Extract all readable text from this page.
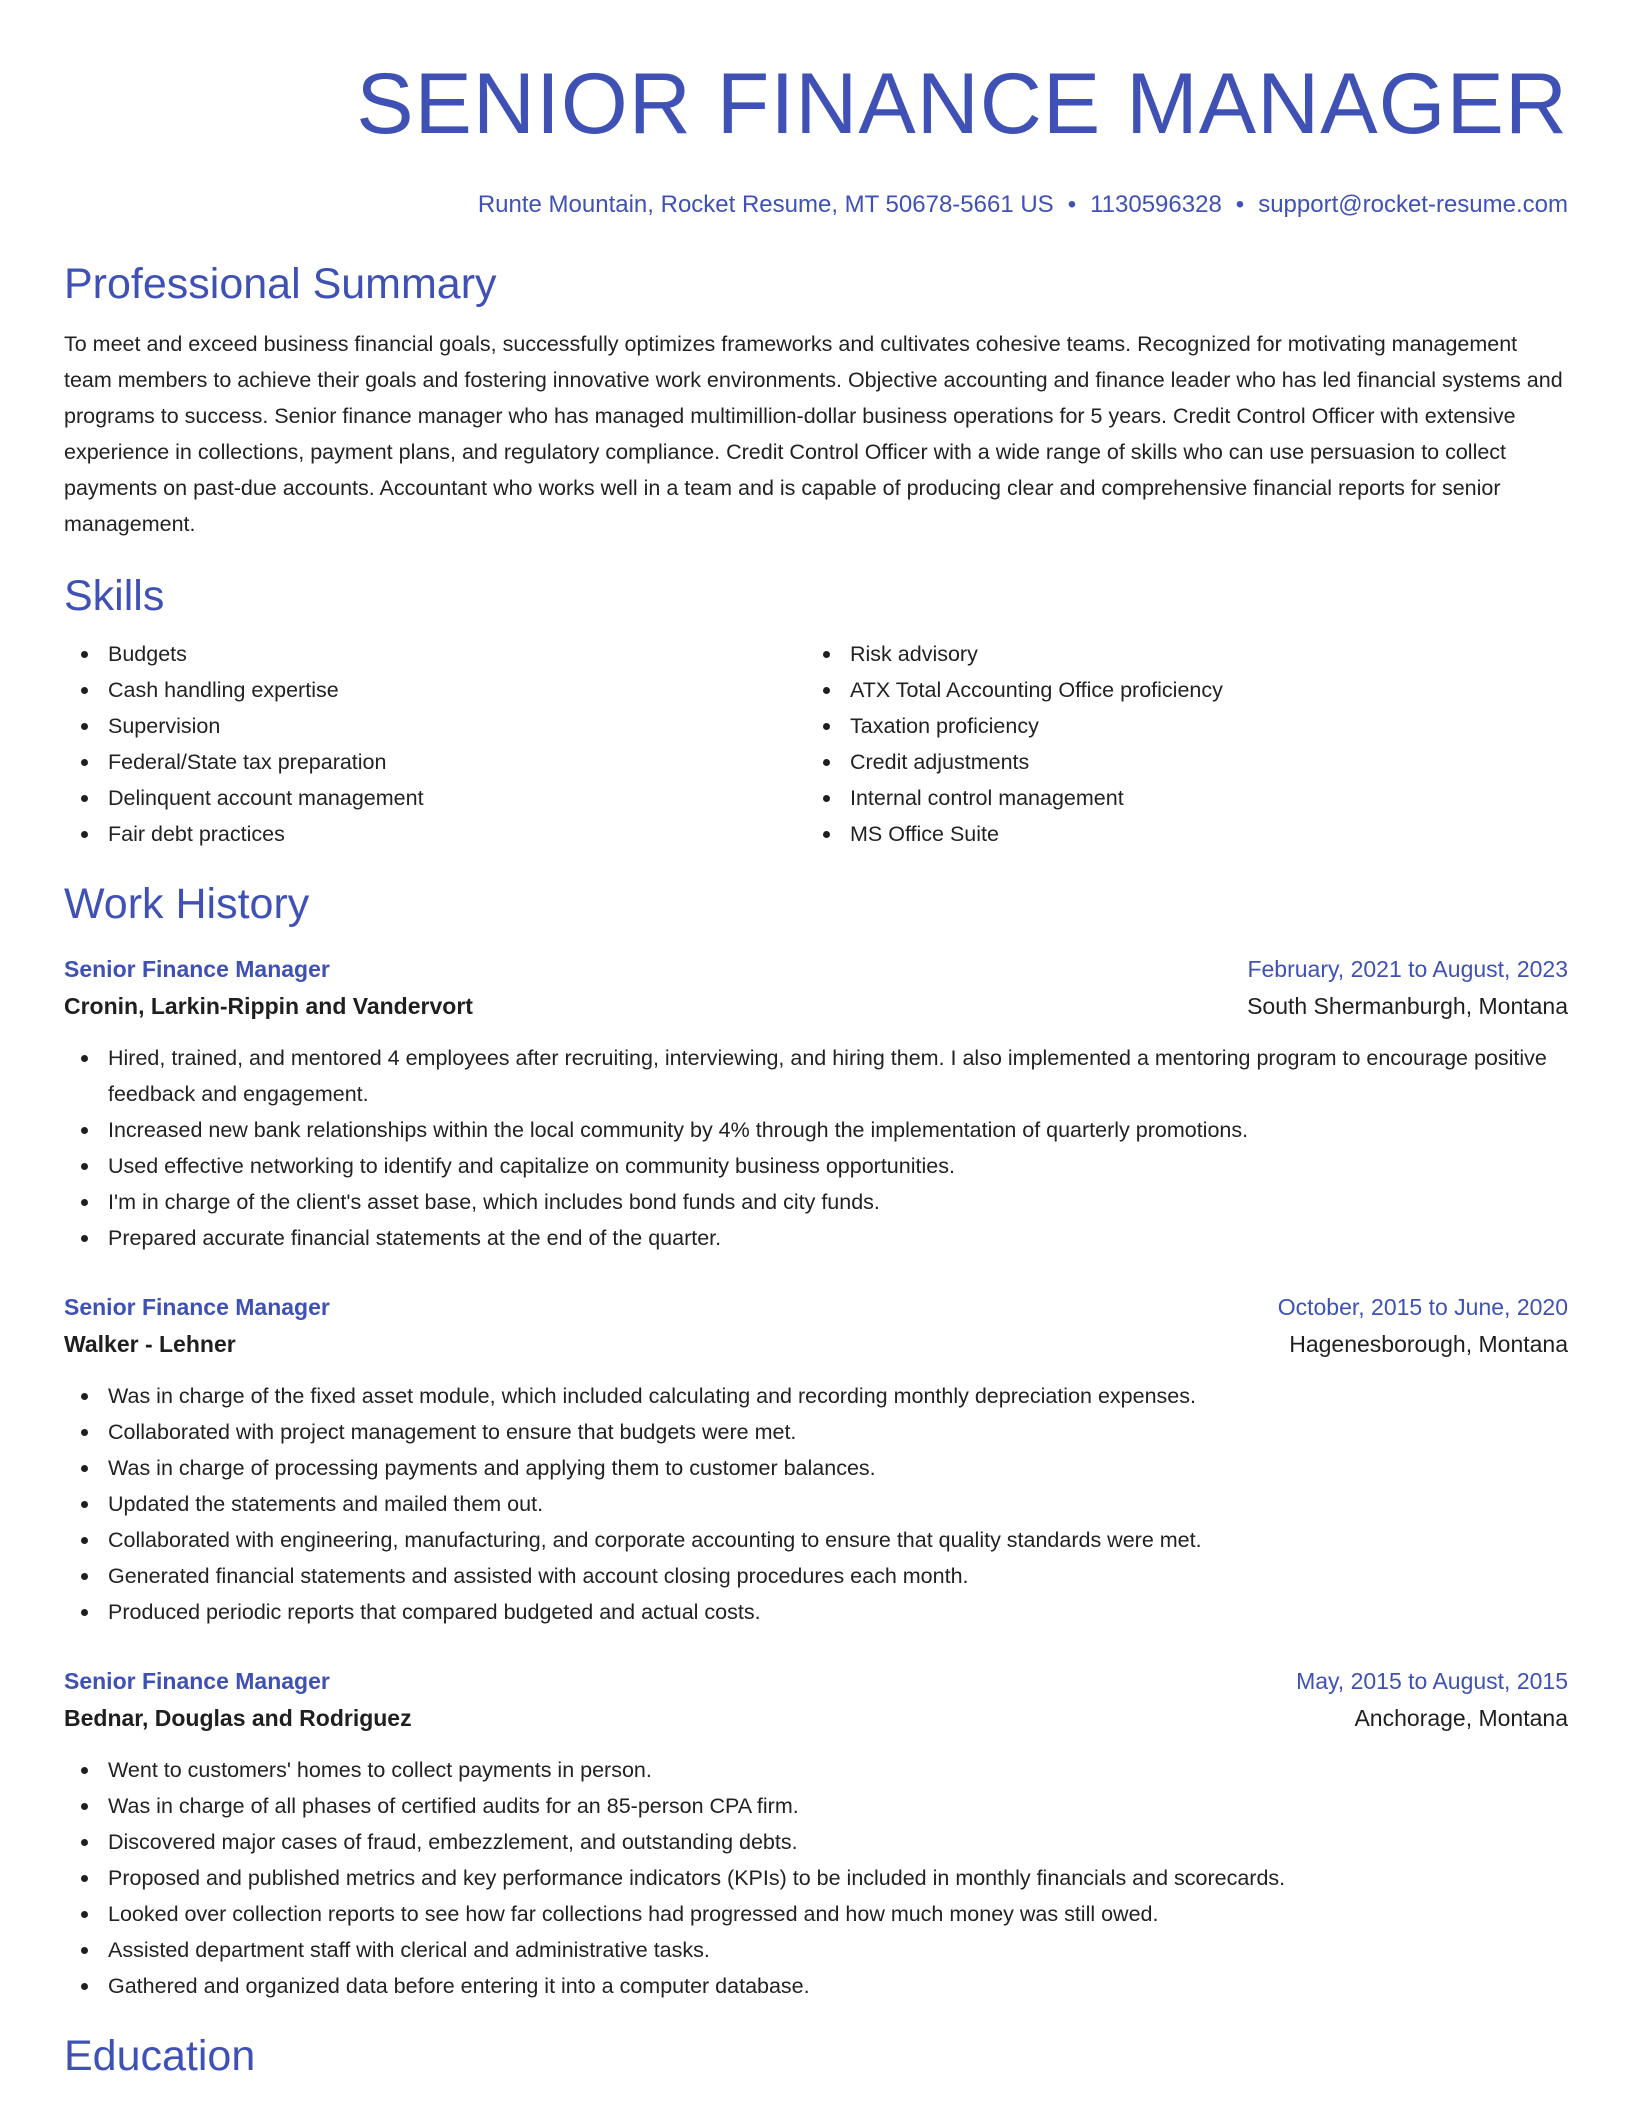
SENIOR FINANCE MANAGER
Runte Mountain, Rocket Resume, MT 50678-5661 US • 1130596328 • support@rocket-resume.com
Professional Summary

To meet and exceed business financial goals, successfully optimizes frameworks and cultivates cohesive teams. Recognized for motivating management team members to achieve their goals and fostering innovative work environments. Objective accounting and finance leader who has led financial systems and programs to success. Senior finance manager who has managed multimillion-dollar business operations for 5 years. Credit Control Officer with extensive experience in collections, payment plans, and regulatory compliance. Credit Control Officer with a wide range of skills who can use persuasion to collect payments on past-due accounts. Accountant who works well in a team and is capable of producing clear and comprehensive financial reports for senior management.

Skills
Budgets
Cash handling expertise
Supervision
Federal/State tax preparation
Delinquent account management
Fair debt practices
Risk advisory
ATX Total Accounting Office proficiency
Taxation proficiency
Credit adjustments
Internal control management
MS Office Suite
Work History
Senior Finance Manager	February, 2021 to August, 2023
Cronin, Larkin-Rippin and Vandervort	South Shermanburgh, Montana
Hired, trained, and mentored 4 employees after recruiting, interviewing, and hiring them. I also implemented a mentoring program to encourage positive feedback and engagement.
Increased new bank relationships within the local community by 4% through the implementation of quarterly promotions.
Used effective networking to identify and capitalize on community business opportunities.
I'm in charge of the client's asset base, which includes bond funds and city funds.
Prepared accurate financial statements at the end of the quarter.
Senior Finance Manager	October, 2015 to June, 2020
Walker - Lehner	Hagenesborough, Montana
Was in charge of the fixed asset module, which included calculating and recording monthly depreciation expenses.
Collaborated with project management to ensure that budgets were met.
Was in charge of processing payments and applying them to customer balances.
Updated the statements and mailed them out.
Collaborated with engineering, manufacturing, and corporate accounting to ensure that quality standards were met.
Generated financial statements and assisted with account closing procedures each month.
Produced periodic reports that compared budgeted and actual costs.
Senior Finance Manager	May, 2015 to August, 2015
Bednar, Douglas and Rodriguez	Anchorage, Montana
Went to customers' homes to collect payments in person.
Was in charge of all phases of certified audits for an 85-person CPA firm.
Discovered major cases of fraud, embezzlement, and outstanding debts.
Proposed and published metrics and key performance indicators (KPIs) to be included in monthly financials and scorecards.
Looked over collection reports to see how far collections had progressed and how much money was still owed.
Assisted department staff with clerical and administrative tasks.
Gathered and organized data before entering it into a computer database.
Education
